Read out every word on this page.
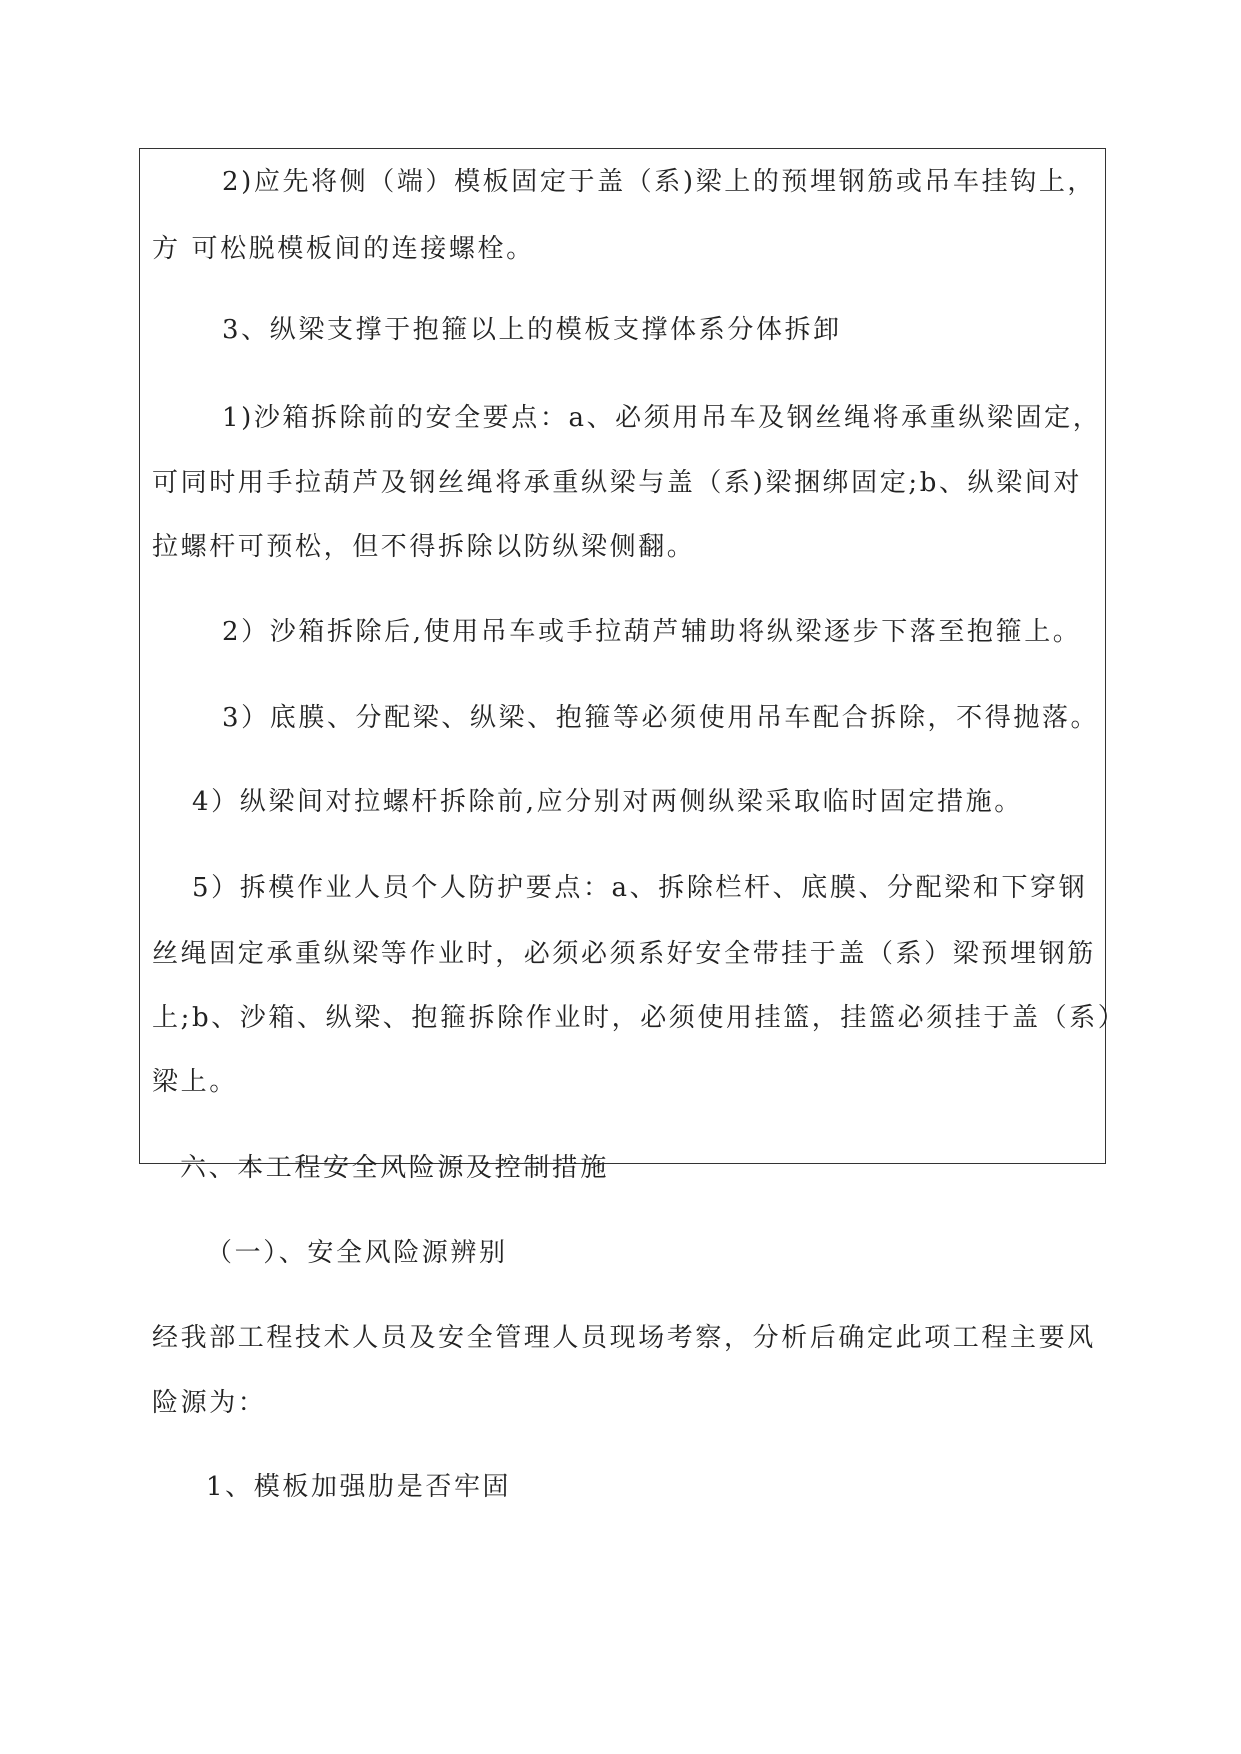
2)应先将侧（端）模板固定于盖（系)梁上的预埋钢筋或吊车挂钩上，
方 可松脱模板间的连接螺栓。
3、纵梁支撑于抱箍以上的模板支撑体系分体拆卸
1)沙箱拆除前的安全要点：a、必须用吊车及钢丝绳将承重纵梁固定，
可同时用手拉葫芦及钢丝绳将承重纵梁与盖（系)梁捆绑固定;b、纵梁间对
拉螺杆可预松，但不得拆除以防纵梁侧翻。
2）沙箱拆除后,使用吊车或手拉葫芦辅助将纵梁逐步下落至抱箍上。
3）底膜、分配梁、纵梁、抱箍等必须使用吊车配合拆除，不得抛落。
4）纵梁间对拉螺杆拆除前,应分别对两侧纵梁采取临时固定措施。
5）拆模作业人员个人防护要点：a、拆除栏杆、底膜、分配梁和下穿钢
丝绳固定承重纵梁等作业时，必须必须系好安全带挂于盖（系）梁预埋钢筋
上;b、沙箱、纵梁、抱箍拆除作业时，必须使用挂篮，挂篮必须挂于盖（系）
梁上。
六、本工程安全风险源及控制措施
（一）、安全风险源辨别
经我部工程技术人员及安全管理人员现场考察，分析后确定此项工程主要风
险源为：
1、模板加强肋是否牢固
